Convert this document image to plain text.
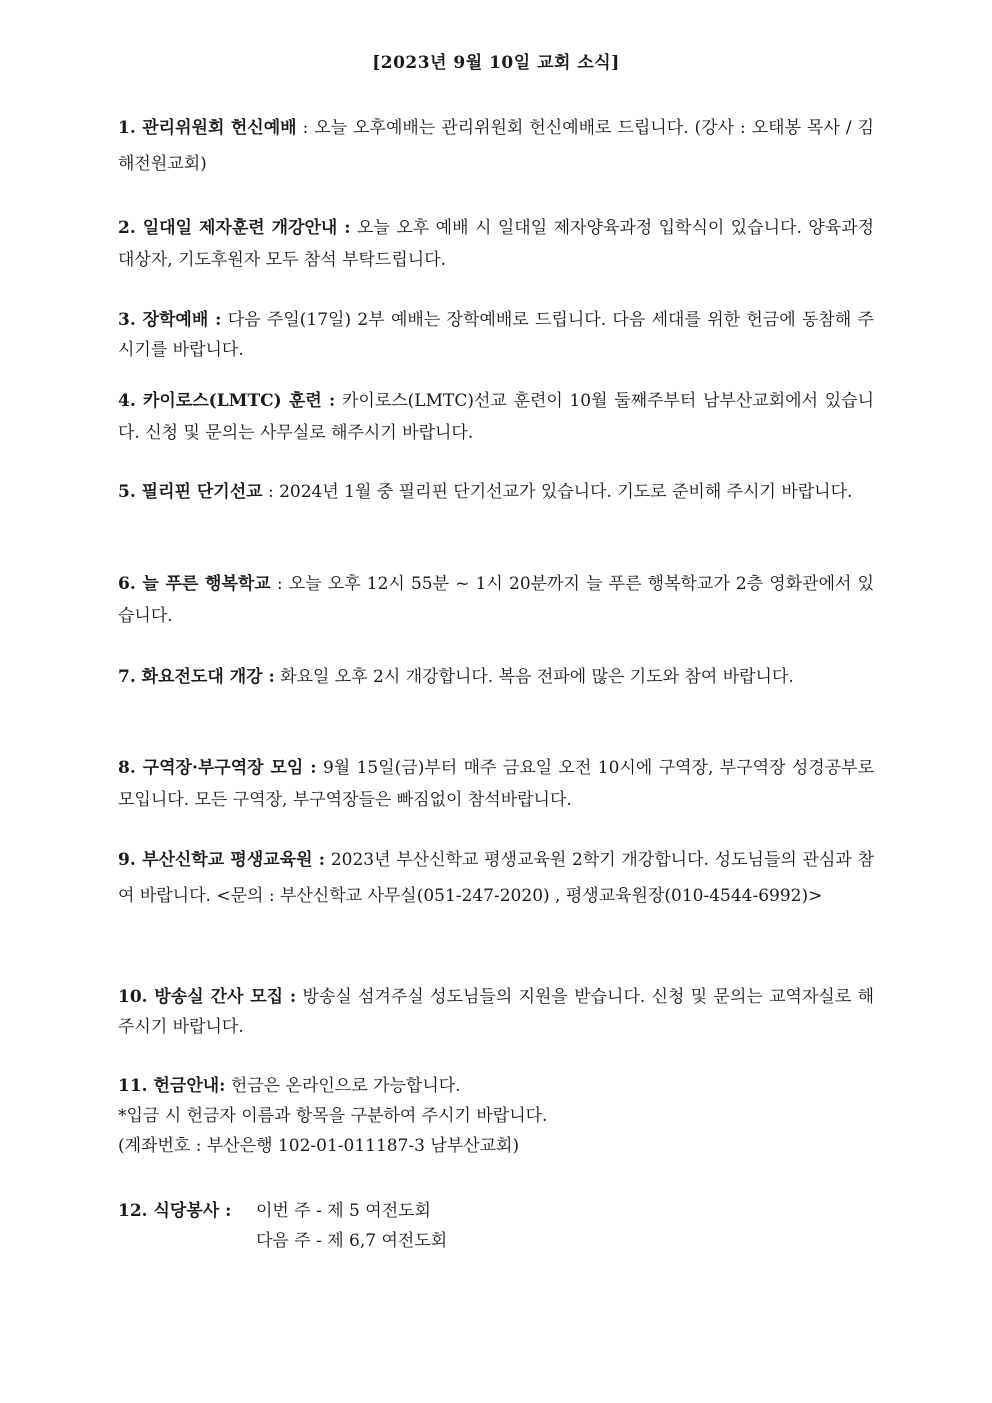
[2023년 9월 10일 교회 소식]

1. 관리위원회 헌신예배 : 오늘 오후예배는 관리위원회 헌신예배로 드립니다. (강사 : 오태봉 목사 / 김해전원교회)

2. 일대일 제자훈련 개강안내 : 오늘 오후 예배 시 일대일 제자양육과정 입학식이 있습니다. 양육과정 대상자, 기도후원자 모두 참석 부탁드립니다.

3. 장학예배 : 다음 주일(17일) 2부 예배는 장학예배로 드립니다. 다음 세대를 위한 헌금에 동참해 주시기를 바랍니다.

4. 카이로스(LMTC) 훈련 : 카이로스(LMTC)선교 훈련이 10월 둘째주부터 남부산교회에서 있습니다. 신청 및 문의는 사무실로 해주시기 바랍니다.

5. 필리핀 단기선교 : 2024년 1월 중 필리핀 단기선교가 있습니다. 기도로 준비해 주시기 바랍니다.

6. 늘 푸른 행복학교 : 오늘 오후 12시 55분 ~ 1시 20분까지 늘 푸른 행복학교가 2층 영화관에서 있습니다.

7. 화요전도대 개강 : 화요일 오후 2시 개강합니다. 복음 전파에 많은 기도와 참여 바랍니다.

8. 구역장·부구역장 모임 : 9월 15일(금)부터 매주 금요일 오전 10시에 구역장, 부구역장 성경공부로 모입니다. 모든 구역장, 부구역장들은 빠짐없이 참석바랍니다.

9. 부산신학교 평생교육원 : 2023년 부산신학교 평생교육원 2학기 개강합니다. 성도님들의 관심과 참여 바랍니다. <문의 : 부산신학교 사무실(051-247-2020) , 평생교육원장(010-4544-6992)>

10. 방송실 간사 모집 : 방송실 섬겨주실 성도님들의 지원을 받습니다. 신청 및 문의는 교역자실로 해주시기 바랍니다.

11. 헌금안내: 헌금은 온라인으로 가능합니다.

*입금 시 헌금자 이름과 항목을 구분하여 주시기 바랍니다.

(계좌번호 : 부산은행 102-01-011187-3 남부산교회)

12. 식당봉사 :	이번 주 - 제 5 여전도회
다음 주 - 제 6,7 여전도회
